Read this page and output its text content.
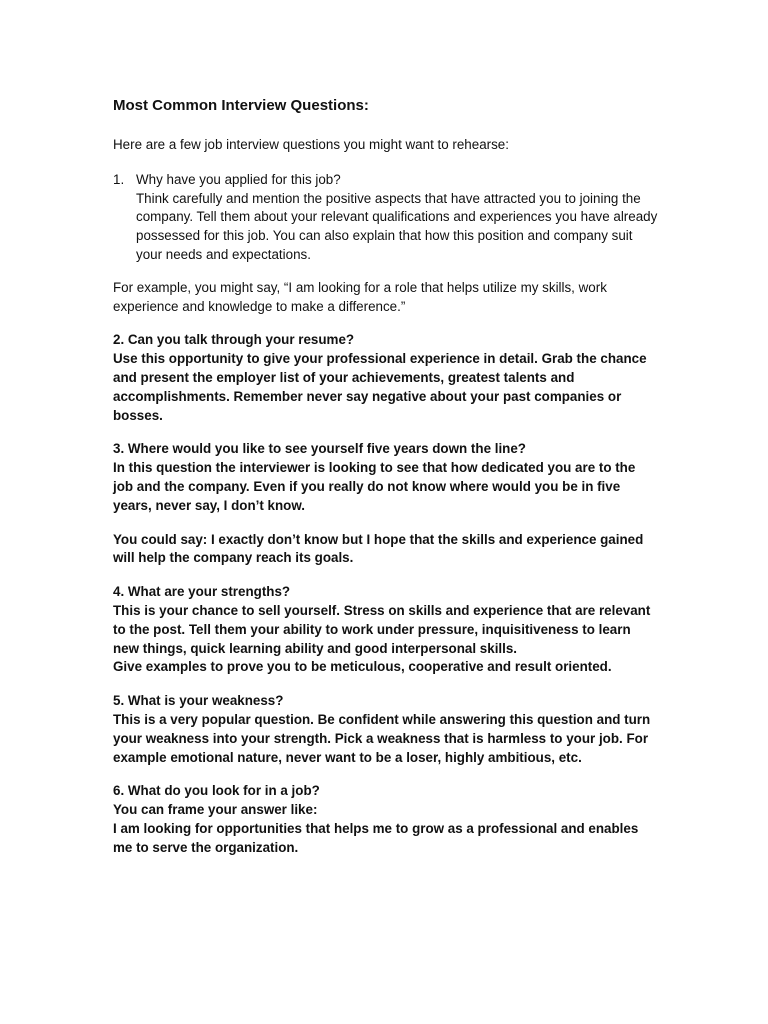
Most Common Interview Questions:

Here are a few job interview questions you might want to rehearse:

1. Why have you applied for this job?

Think carefully and mention the positive aspects that have attracted you to joining the company. Tell them about your relevant qualifications and experiences you have already possessed for this job. You can also explain that how this position and company suit your needs and expectations.

For example, you might say, “I am looking for a role that helps utilize my skills, work experience and knowledge to make a difference.”

2. Can you talk through your resume?

Use this opportunity to give your professional experience in detail. Grab the chance and present the employer list of your achievements, greatest talents and accomplishments. Remember never say negative about your past companies or bosses.

3. Where would you like to see yourself five years down the line?

In this question the interviewer is looking to see that how dedicated you are to the job and the company. Even if you really do not know where would you be in five years, never say, I don’t know.

You could say: I exactly don’t know but I hope that the skills and experience gained will help the company reach its goals.

4. What are your strengths?

This is your chance to sell yourself. Stress on skills and experience that are relevant to the post. Tell them your ability to work under pressure, inquisitiveness to learn new things, quick learning ability and good interpersonal skills.

Give examples to prove you to be meticulous, cooperative and result oriented.

5. What is your weakness?

This is a very popular question. Be confident while answering this question and turn your weakness into your strength. Pick a weakness that is harmless to your job. For example emotional nature, never want to be a loser, highly ambitious, etc.

6. What do you look for in a job?

You can frame your answer like:

I am looking for opportunities that helps me to grow as a professional and enables me to serve the organization.
